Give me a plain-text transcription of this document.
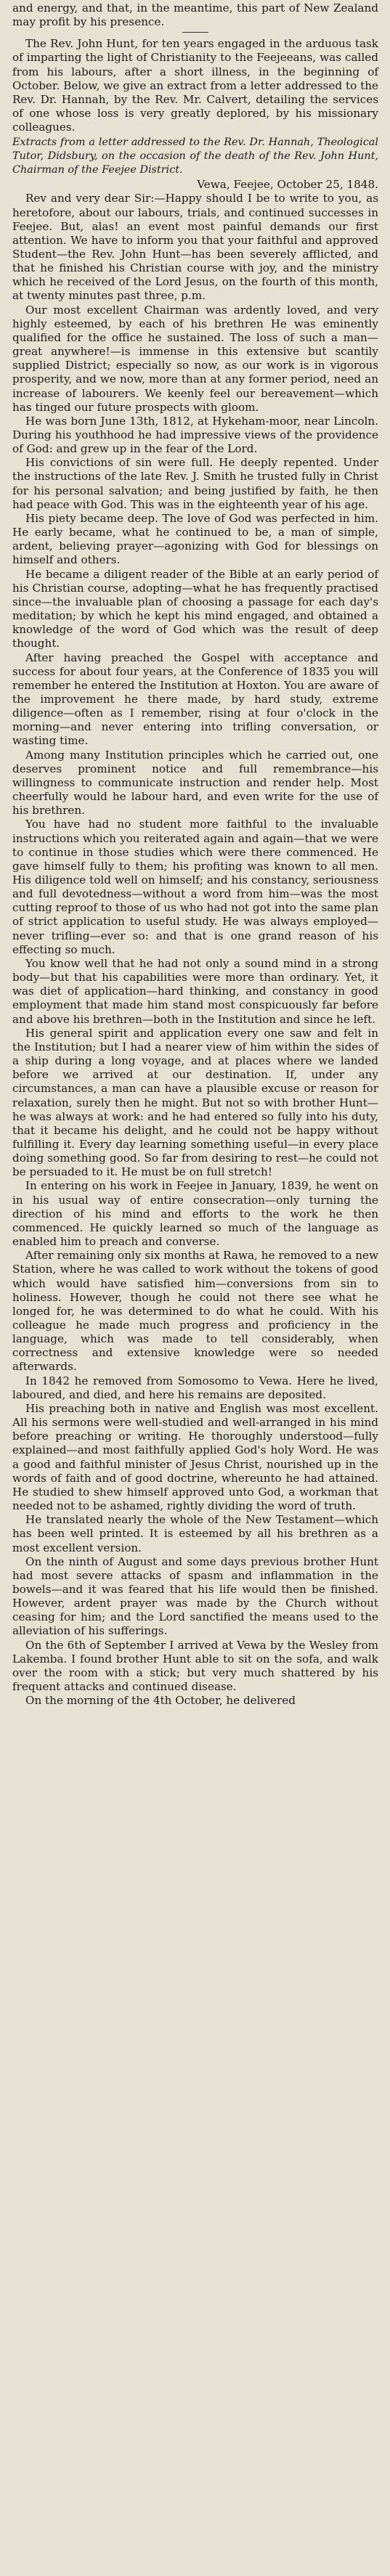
and energy, and that, in the meantime, this part of New Zealand may profit by his presence.

The Rev. John Hunt, for ten years engaged in the arduous task of imparting the light of Christianity to the Feejeeans, was called from his labours, after a short illness, in the beginning of October. Below, we give an extract from a letter addressed to the Rev. Dr. Hannah, by the Rev. Mr. Calvert, detailing the services of one whose loss is very greatly deplored, by his missionary colleagues.

Extracts from a letter addressed to the Rev. Dr. Hannah, Theological Tutor, Didsbury, on the occasion of the death of the Rev. John Hunt, Chairman of the Feejee District.

Vewa, Feejee, October 25, 1848.

Rev and very dear Sir:—Happy should I be to write to you, as heretofore, about our labours, trials, and continued successes in Feejee. But, alas! an event most painful demands our first attention. We have to inform you that your faithful and approved Student—the Rev. John Hunt—has been severely afflicted, and that he finished his Christian course with joy, and the ministry which he received of the Lord Jesus, on the fourth of this month, at twenty minutes past three, p.m.

Our most excellent Chairman was ardently loved, and very highly esteemed, by each of his brethren He was eminently qualified for the office he sustained. The loss of such a man—great anywhere!—is immense in this extensive but scantily supplied District; especially so now, as our work is in vigorous prosperity, and we now, more than at any former period, need an increase of labourers. We keenly feel our bereavement—which has tinged our future prospects with gloom.

He was born June 13th, 1812, at Hykeham-moor, near Lincoln. During his youthhood he had impressive views of the providence of God: and grew up in the fear of the Lord.

His convictions of sin were full. He deeply repented. Under the instructions of the late Rev. J. Smith he trusted fully in Christ for his personal salvation; and being justified by faith, he then had peace with God. This was in the eighteenth year of his age.

His piety became deep. The love of God was perfected in him. He early became, what he continued to be, a man of simple, ardent, believing prayer—agonizing with God for blessings on himself and others.

He became a diligent reader of the Bible at an early period of his Christian course, adopting—what he has frequently practised since—the invaluable plan of choosing a passage for each day's meditation; by which he kept his mind engaged, and obtained a knowledge of the word of God which was the result of deep thought.

After having preached the Gospel with acceptance and success for about four years, at the Conference of 1835 you will remember he entered the Institution at Hoxton. You are aware of the improvement he there made, by hard study, extreme diligence—often as I remember, rising at four o'clock in the morning—and never entering into trifling conversation, or wasting time.

Among many Institution principles which he carried out, one deserves prominent notice and full remembrance—his willingness to communicate instruction and render help. Most cheerfully would he labour hard, and even write for the use of his brethren.

You have had no student more faithful to the invaluable instructions which you reiterated again and again—that we were to continue in those studies which were there commenced. He gave himself fully to them; his profiting was known to all men. His diligence told well on himself; and his constancy, seriousness and full devotedness—without a word from him—was the most cutting reproof to those of us who had not got into the same plan of strict application to useful study. He was always employed—never trifling—ever so: and that is one grand reason of his effecting so much.

You know well that he had not only a sound mind in a strong body—but that his capabilities were more than ordinary. Yet, it was diet of application—hard thinking, and constancy in good employment that made him stand most conspicuously far before and above his brethren—both in the Institution and since he left.

His general spirit and application every one saw and felt in the Institution; but I had a nearer view of him within the sides of a ship during a long voyage, and at places where we landed before we arrived at our destination. If, under any circumstances, a man can have a plausible excuse or reason for relaxation, surely then he might. But not so with brother Hunt—he was always at work: and he had entered so fully into his duty, that it became his delight, and he could not be happy without fulfilling it. Every day learning something useful—in every place doing something good. So far from desiring to rest—he could not be persuaded to it. He must be on full stretch!

In entering on his work in Feejee in January, 1839, he went on in his usual way of entire consecration—only turning the direction of his mind and efforts to the work he then commenced. He quickly learned so much of the language as enabled him to preach and converse.

After remaining only six months at Rawa, he removed to a new Station, where he was called to work without the tokens of good which would have satisfied him—conversions from sin to holiness. However, though he could not there see what he longed for, he was determined to do what he could. With his colleague he made much progress and proficiency in the language, which was made to tell considerably, when correctness and extensive knowledge were so needed afterwards.

In 1842 he removed from Somosomo to Vewa. Here he lived, laboured, and died, and here his remains are deposited.

His preaching both in native and English was most excellent. All his sermons were well-studied and well-arranged in his mind before preaching or writing. He thoroughly understood—fully explained—and most faithfully applied God's holy Word. He was a good and faithful minister of Jesus Christ, nourished up in the words of faith and of good doctrine, whereunto he had attained. He studied to shew himself approved unto God, a workman that needed not to be ashamed, rightly dividing the word of truth.

He translated nearly the whole of the New Testament—which has been well printed. It is esteemed by all his brethren as a most excellent version.

On the ninth of August and some days previous brother Hunt had most severe attacks of spasm and inflammation in the bowels—and it was feared that his life would then be finished. However, ardent prayer was made by the Church without ceasing for him; and the Lord sanctified the means used to the alleviation of his sufferings.

On the 6th of September I arrived at Vewa by the Wesley from Lakemba. I found brother Hunt able to sit on the sofa, and walk over the room with a stick; but very much shattered by his frequent attacks and continued disease.

On the morning of the 4th October, he delivered
